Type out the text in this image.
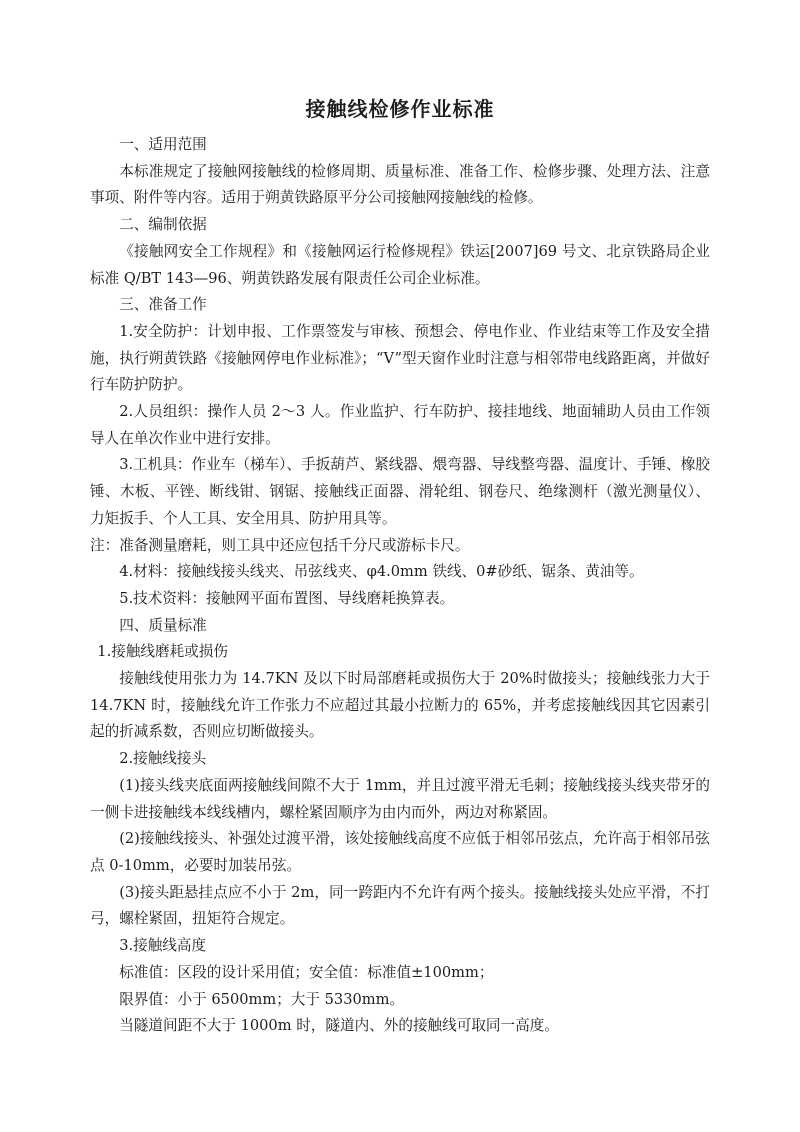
接触线检修作业标准

一、适用范围

本标准规定了接触网接触线的检修周期、质量标准、准备工作、检修步骤、处理方法、注意事项、附件等内容。适用于朔黄铁路原平分公司接触网接触线的检修。

二、编制依据

《接触网安全工作规程》和《接触网运行检修规程》铁运[2007]69 号文、北京铁路局企业标准 Q/BT 143—96、朔黄铁路发展有限责任公司企业标准。

三、准备工作

1.安全防护：计划申报、工作票签发与审核、预想会、停电作业、作业结束等工作及安全措施，执行朔黄铁路《接触网停电作业标准》；“V”型天窗作业时注意与相邻带电线路距离，并做好行车防护防护。

2.人员组织：操作人员 2～3 人。作业监护、行车防护、接挂地线、地面辅助人员由工作领导人在单次作业中进行安排。

3.工机具：作业车（梯车）、手扳葫芦、紧线器、煨弯器、导线整弯器、温度计、手锤、橡胶锤、木板、平锉、断线钳、钢锯、接触线正面器、滑轮组、钢卷尺、绝缘测杆（激光测量仪）、力矩扳手、个人工具、安全用具、防护用具等。

注：准备测量磨耗，则工具中还应包括千分尺或游标卡尺。

4.材料：接触线接头线夹、吊弦线夹、φ4.0mm 铁线、0#砂纸、锯条、黄油等。

5.技术资料：接触网平面布置图、导线磨耗换算表。

四、质量标准

1.接触线磨耗或损伤

接触线使用张力为 14.7KN 及以下时局部磨耗或损伤大于 20%时做接头；接触线张力大于 14.7KN 时，接触线允许工作张力不应超过其最小拉断力的 65%，并考虑接触线因其它因素引起的折减系数，否则应切断做接头。

2.接触线接头

(1)接头线夹底面两接触线间隙不大于 1mm，并且过渡平滑无毛刺；接触线接头线夹带牙的一侧卡进接触线本线线槽内，螺栓紧固顺序为由内而外，两边对称紧固。

(2)接触线接头、补强处过渡平滑，该处接触线高度不应低于相邻吊弦点，允许高于相邻吊弦点 0-10mm，必要时加装吊弦。

(3)接头距悬挂点应不小于 2m，同一跨距内不允许有两个接头。接触线接头处应平滑，不打弓，螺栓紧固，扭矩符合规定。

3.接触线高度

标准值：区段的设计采用值；安全值：标准值±100mm；

限界值：小于 6500mm；大于 5330mm。

当隧道间距不大于 1000m 时，隧道内、外的接触线可取同一高度。
